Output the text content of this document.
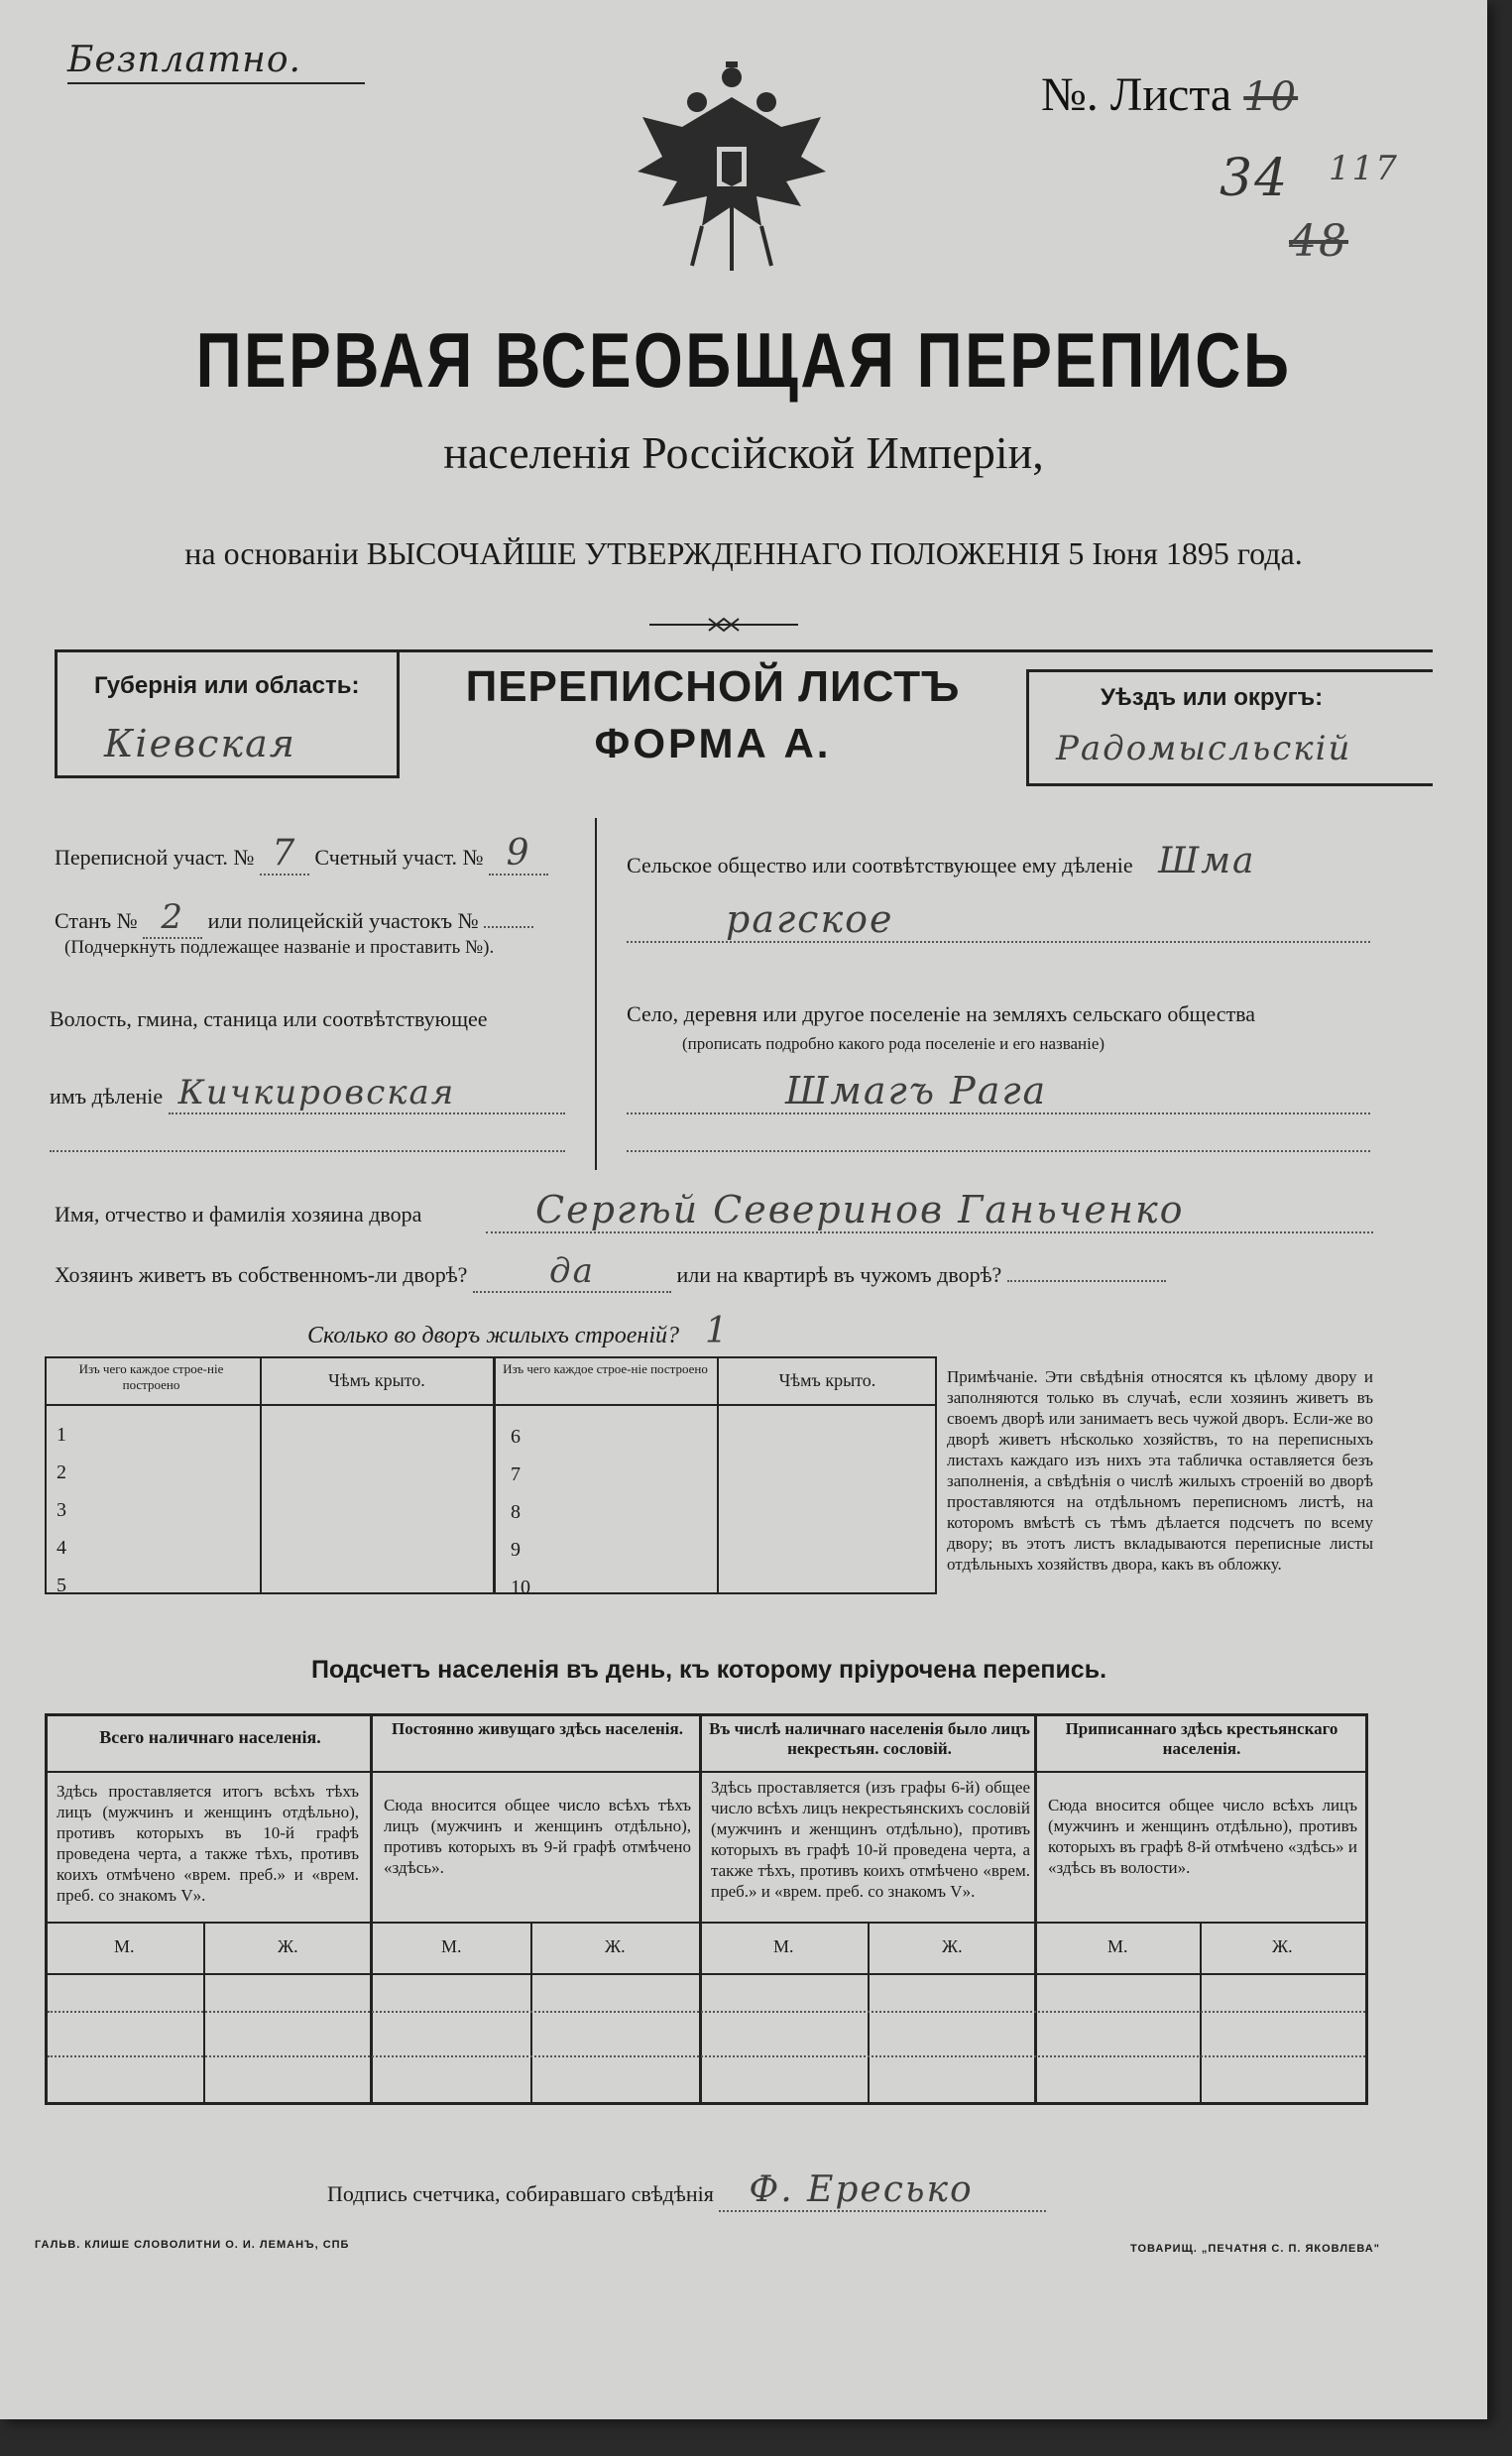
Безплатно.
№. Листа 10
34 117
48
ПЕРВАЯ ВСЕОБЩАЯ ПЕРЕПИСЬ
населенія Россійской Имперіи,
на основаніи ВЫСОЧАЙШЕ УТВЕРЖДЕННАГО ПОЛОЖЕНІЯ 5 Іюня 1895 года.
Губернія или область:
Кіевская
ПЕРЕПИСНОЙ ЛИСТЪ
ФОРМА А.
Уѣздъ или округъ:
Радомысльскій
Переписной участ. № 7 Счетный участ. № 9
Станъ № 2 или полицейскій участокъ №
(Подчеркнуть подлежащее названіе и проставить №).
Волость, гмина, станица или соотвѣтствующее
имъ дѣленіе Кичкировская
Сельское общество или соотвѣтствующее ему дѣленіе Шма
рагское
Село, деревня или другое поселеніе на земляхъ сельскаго общества
(прописать подробно какого рода поселеніе и его названіе)
Шмагъ Рага
Имя, отчество и фамилія хозяина двора	Сергѣй Северинов Ганьченко
Хозяинъ живетъ въ собственномъ-ли дворѣ? да	или на квартирѣ въ чужомъ дворѣ?
Сколько во дворъ жилыхъ строеній? 1
Изъ чего каждое строе-ніе построено	Чѣмъ крыто.
Изъ чего каждое строе-ніе построено
Чѣмъ крыто.
1
2
3
4
5
6
7
8
9
10
Примѣчаніе. Эти свѣдѣнія относятся къ цѣлому двору и заполняются только въ случаѣ, если хозяинъ живетъ въ своемъ дворѣ или занимаетъ весь чужой дворъ. Если-же во дворѣ живетъ нѣсколько хозяйствъ, то на переписныхъ листахъ каждаго изъ нихъ эта табличка оставляется безъ заполненія, а свѣдѣнія о числѣ жилыхъ строеній во дворѣ проставляются на отдѣльномъ переписномъ листѣ, на которомъ вмѣстѣ съ тѣмъ дѣлается подсчетъ по всему двору; въ этотъ листъ вкладываются переписные листы отдѣльныхъ хозяйствъ двора, какъ въ обложку.
Подсчетъ населенія въ день, къ которому пріурочена перепись.
Всего наличнаго населенія.
Здѣсь проставляется итогъ всѣхъ тѣхъ лицъ (мужчинъ и женщинъ отдѣльно), противъ которыхъ въ 10-й графѣ проведена черта, а также тѣхъ, противъ коихъ отмѣчено «врем. преб.» и «врем. преб. со знакомъ V».
Постоянно живущаго здѣсь населенія.
Сюда вносится общее число всѣхъ тѣхъ лицъ (мужчинъ и женщинъ отдѣльно), противъ которыхъ въ 9-й графѣ отмѣчено «здѣсь».
Въ числѣ наличнаго населенія было лицъ некрестьян. сословій.
Здѣсь проставляется (изъ графы 6-й) общее число всѣхъ лицъ некрестьянскихъ сословій (мужчинъ и женщинъ отдѣльно), противъ которыхъ въ графѣ 10-й проведена черта, а также тѣхъ, противъ коихъ отмѣчено «врем. преб.» и «врем. преб. со знакомъ V».
Приписаннаго здѣсь крестьянскаго населенія.
Сюда вносится общее число всѣхъ лицъ (мужчинъ и женщинъ отдѣльно), противъ которыхъ въ графѣ 8-й отмѣчено «здѣсь» и «здѣсь въ волости».
М.	Ж.	М.	Ж.	М.	Ж.	М.	Ж.
Подпись счетчика, собиравшаго свѣдѣнія Ф. Ересько
ГАЛЬВ. КЛИШЕ СЛОВОЛИТНИ О. И. ЛЕМАНЪ, СПБ	ТОВАРИЩ. „ПЕЧАТНЯ С. П. ЯКОВЛЕВА"
